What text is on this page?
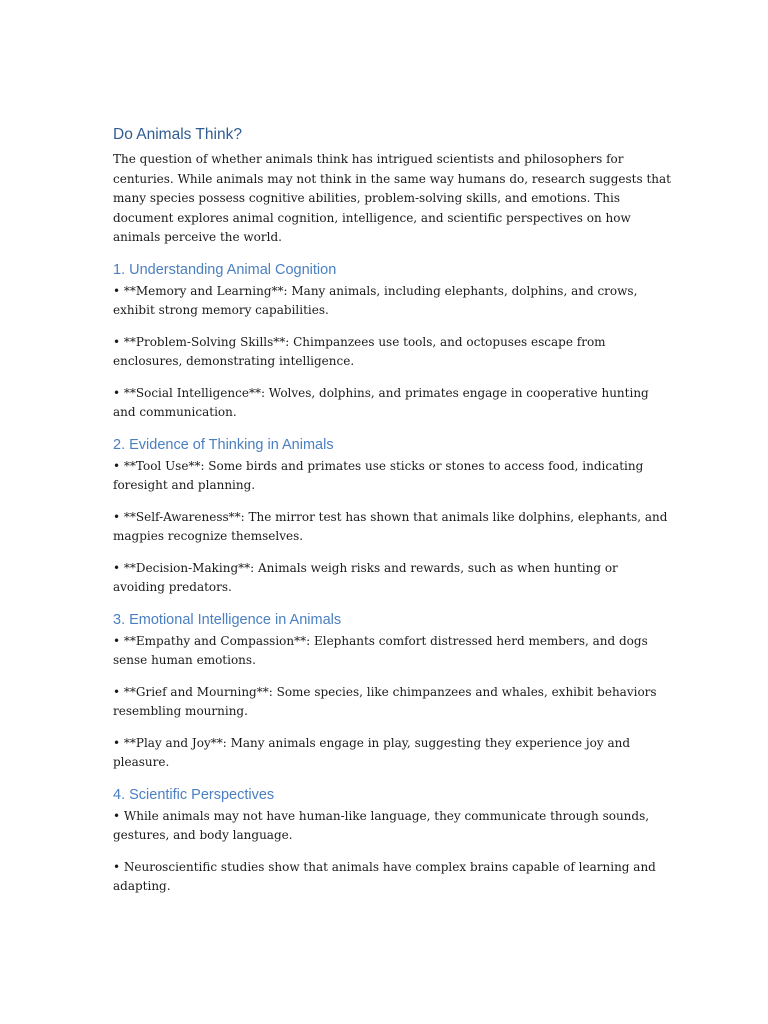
Do Animals Think?

The question of whether animals think has intrigued scientists and philosophers for centuries. While animals may not think in the same way humans do, research suggests that many species possess cognitive abilities, problem-solving skills, and emotions. This document explores animal cognition, intelligence, and scientific perspectives on how animals perceive the world.

1. Understanding Animal Cognition

• **Memory and Learning**: Many animals, including elephants, dolphins, and crows, exhibit strong memory capabilities.

• **Problem-Solving Skills**: Chimpanzees use tools, and octopuses escape from enclosures, demonstrating intelligence.

• **Social Intelligence**: Wolves, dolphins, and primates engage in cooperative hunting and communication.

2. Evidence of Thinking in Animals

• **Tool Use**: Some birds and primates use sticks or stones to access food, indicating foresight and planning.

• **Self-Awareness**: The mirror test has shown that animals like dolphins, elephants, and magpies recognize themselves.

• **Decision-Making**: Animals weigh risks and rewards, such as when hunting or avoiding predators.

3. Emotional Intelligence in Animals

• **Empathy and Compassion**: Elephants comfort distressed herd members, and dogs sense human emotions.

• **Grief and Mourning**: Some species, like chimpanzees and whales, exhibit behaviors resembling mourning.

• **Play and Joy**: Many animals engage in play, suggesting they experience joy and pleasure.

4. Scientific Perspectives

• While animals may not have human-like language, they communicate through sounds, gestures, and body language.

• Neuroscientific studies show that animals have complex brains capable of learning and adapting.
